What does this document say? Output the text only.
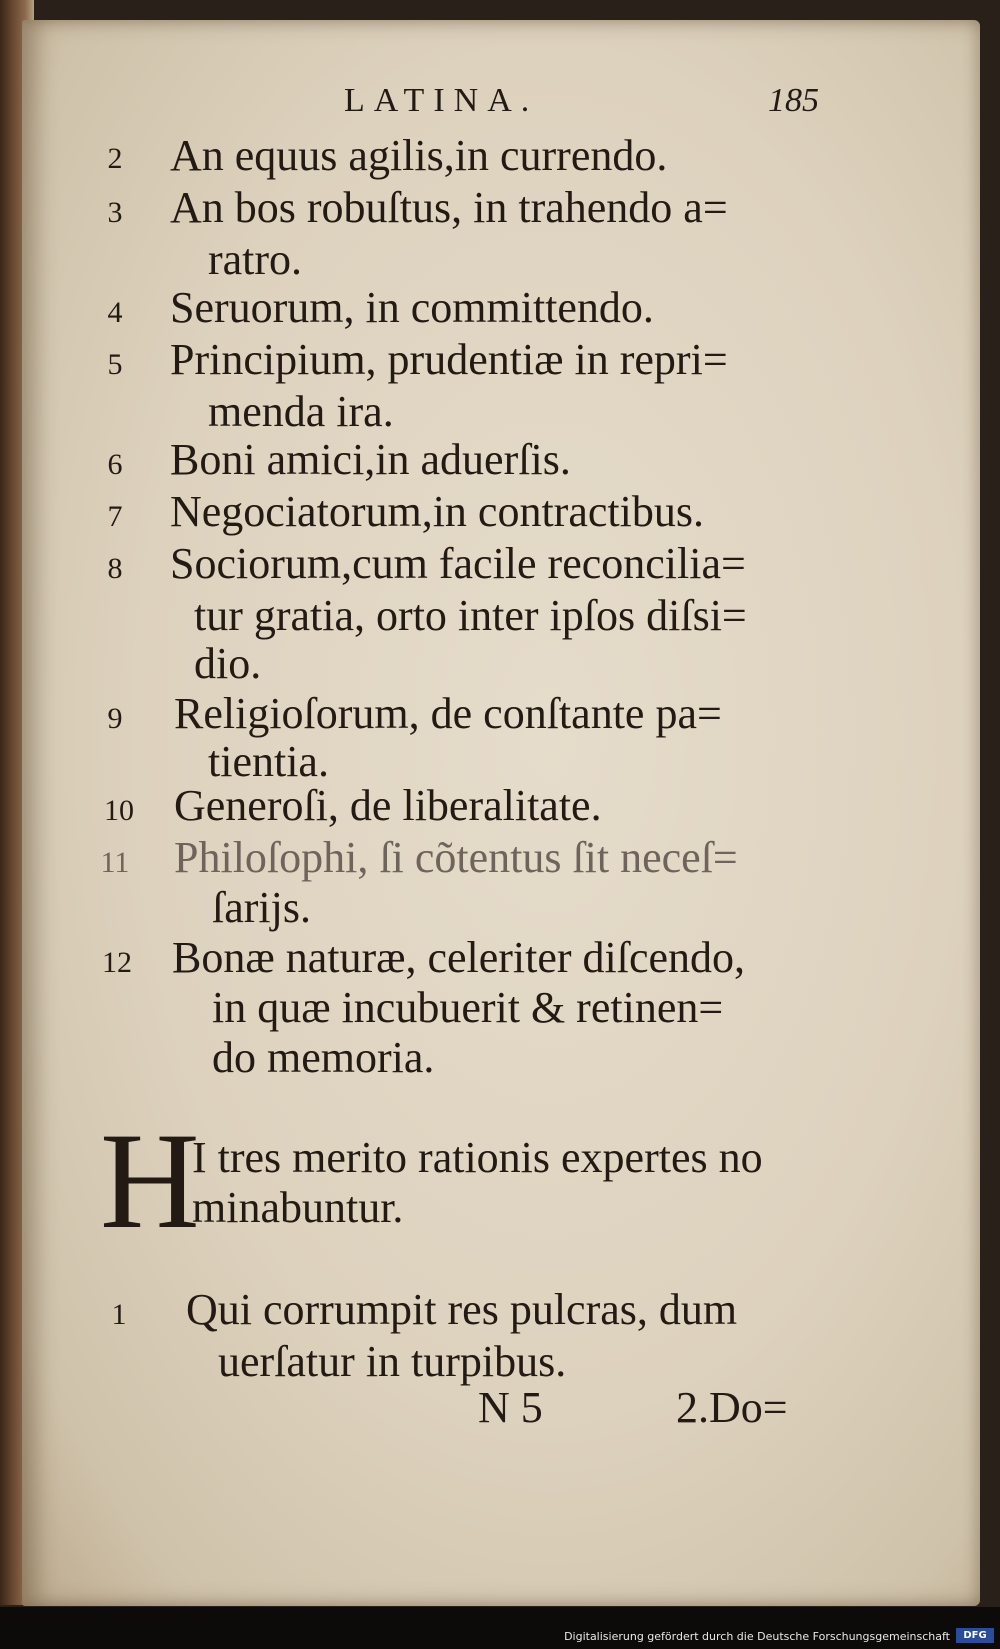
LATINA.	185
2	An equus agilis,in currendo.
3	An bos robuſtus, in trahendo a=
ratro.
4	Seruorum, in committendo.
5	Principium, prudentiæ in repri=
menda ira.
6	Boni amici,in aduerſis.
7	Negociatorum,in contractibus.
8	Sociorum,cum facile reconcilia=
tur gratia, orto inter ipſos diſsi=
dio.
9	Religioſorum, de conſtante pa=
tientia.
10 Generoſi, de liberalitate.
11 Philoſophi, ſi cõtentus ſit neceſ=
ſarijs.
12 Bonæ naturæ, celeriter diſcendo,
in quæ incubuerit & retinen=
do memoria.
H
I tres merito rationis expertes no
minabuntur.
1	Qui corrumpit res pulcras, dum
uerſatur in turpibus.
N 5	2.Do=
Digitalisierung gefördert durch die Deutsche Forschungsgemeinschaft	DFG
